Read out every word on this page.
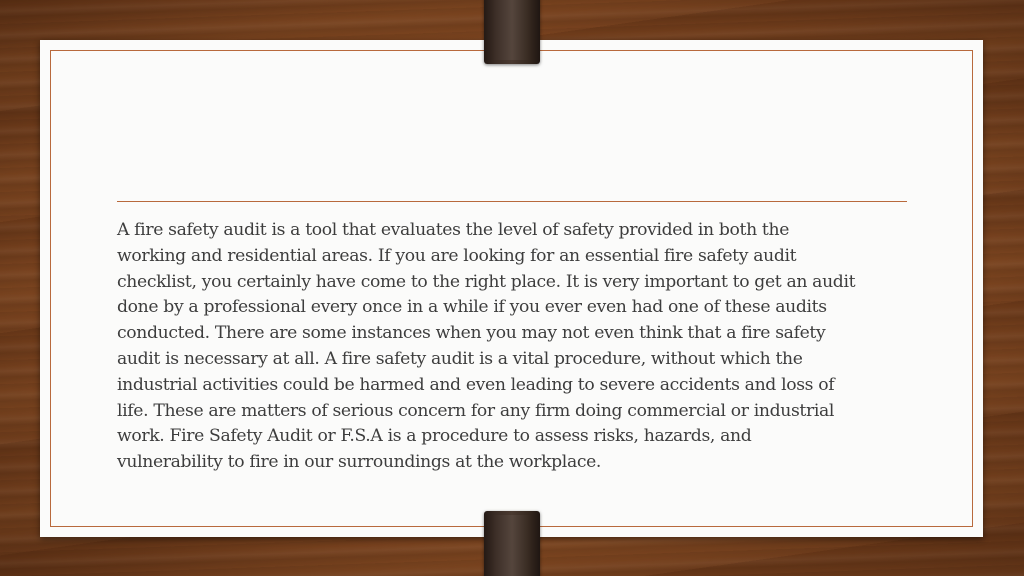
A fire safety audit is a tool that evaluates the level of safety provided in both the
working and residential areas. If you are looking for an essential fire safety audit
checklist, you certainly have come to the right place. It is very important to get an audit
done by a professional every once in a while if you ever even had one of these audits
conducted. There are some instances when you may not even think that a fire safety
audit is necessary at all. A fire safety audit is a vital procedure, without which the
industrial activities could be harmed and even leading to severe accidents and loss of
life. These are matters of serious concern for any firm doing commercial or industrial
work. Fire Safety Audit or F.S.A is a procedure to assess risks, hazards, and
vulnerability to fire in our surroundings at the workplace.
